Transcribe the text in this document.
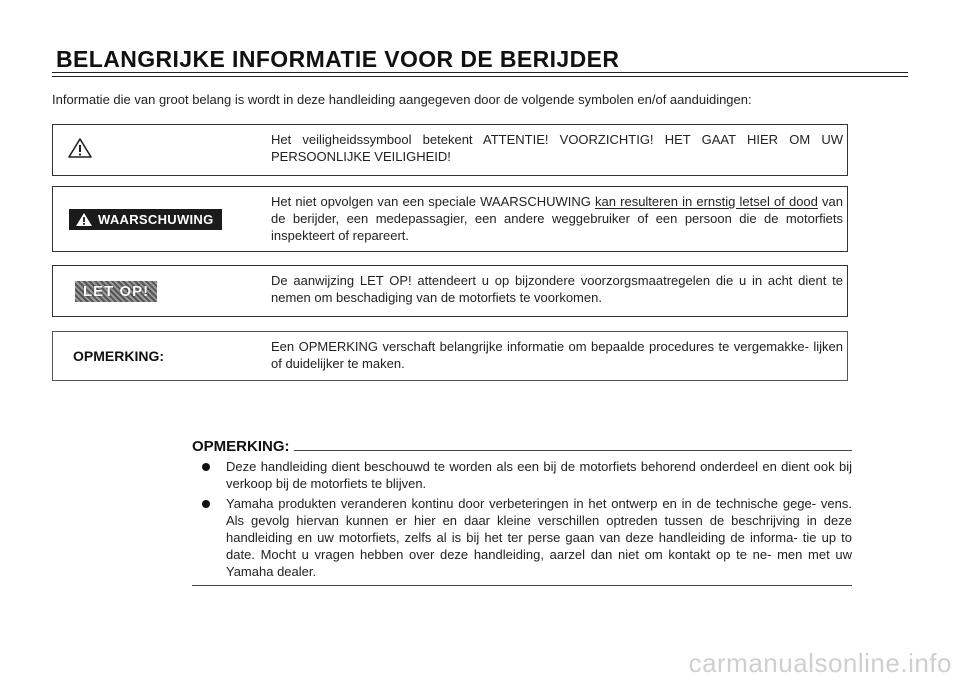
BELANGRIJKE INFORMATIE VOOR DE BERIJDER
Informatie die van groot belang is wordt in deze handleiding aangegeven door de volgende symbolen en/of aanduidingen:
Het veiligheidssymbool betekent ATTENTIE! VOORZICHTIG! HET GAAT HIER OM UW PERSOONLIJKE VEILIGHEID!
WAARSCHUWING
Het niet opvolgen van een speciale WAARSCHUWING kan resulteren in ernstig letsel of dood van de berijder, een medepassagier, een andere weggebruiker of een persoon die de motorfiets inspekteert of repareert.
LET OP!
De aanwijzing LET OP! attendeert u op bijzondere voorzorgsmaatregelen die u in acht dient te nemen om beschadiging van de motorfiets te voorkomen.
OPMERKING:
Een OPMERKING verschaft belangrijke informatie om bepaalde procedures te vergemakke- lijken of duidelijker te maken.
OPMERKING:
Deze handleiding dient beschouwd te worden als een bij de motorfiets behorend onderdeel en dient ook bij verkoop bij de motorfiets te blijven.
Yamaha produkten veranderen kontinu door verbeteringen in het ontwerp en in de technische gege- vens. Als gevolg hiervan kunnen er hier en daar kleine verschillen optreden tussen de beschrijving in deze handleiding en uw motorfiets, zelfs al is bij het ter perse gaan van deze handleiding de informa- tie up to date. Mocht u vragen hebben over deze handleiding, aarzel dan niet om kontakt op te ne- men met uw Yamaha dealer.
carmanualsonline.info
